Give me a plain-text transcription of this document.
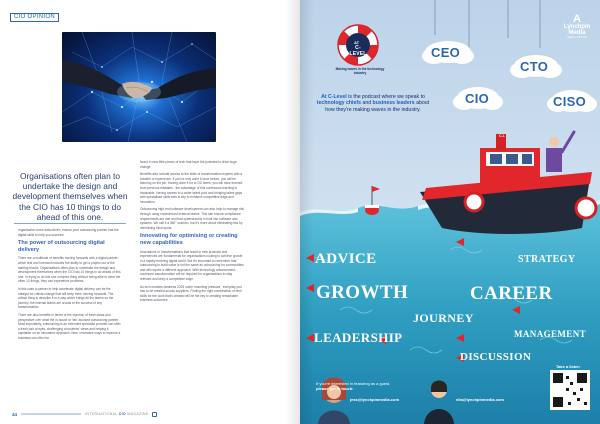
CIO OPINION
Organisations often plan to undertake the design and development themselves when the CIO has 10 things to do ahead of this one.

organisation more data-driven, ensure your outsourcing partner has the digital skills to help you succeed.

The power of outsourcing digital delivery

There are a multitude of benefits moving forwards with a digital partner; which first and foremost includes the ability to get a project out of the starting blocks. Organisations often plan to undertake the design and development themselves when the CIO has 10 things to do ahead of this one. In trying to do this one complex thing without being able to clear the other 10 things, they can experience problems.

In this case a partner to help accelerate digital delivery can be the catalyst for critical change that will keep them moving forwards. The critical thing is describe it in a way which brings all the teams on the journey; the internal teams are crucial to the success of any transformation.

There are also benefits in terms of the injection of fresh ideas and perspective over what the in-house or 'fan'-focused outsourcing partner. Most importantly, outsourcing is an extended specialist provider can offer a fresh pair of eyes, challenging a business' views and helping it capitalise on an innovative approach. New, innovative ways to improve a business can often be

found in new little pieces of tech that have the potential to drive huge change.

Benefits also include access to the skills of transformation experts with a breadth of experience. If you've only done it once before, you will be learning on the job. Having done it for a CIO times, you will have learned from previous mistakes - the advantage of this continuous learning is invaluable. Having access to a wider talent pool and bringing talent gaps with specialised skills sets is key to enhance competitive edge and innovation.

Outsourcing high-end software development can also help to manage risk through using experienced external teams. This can ensure compliance requirements are met and that cybersecurity is built into software and systems. We call it a 360° solution, but it's more about eliminating risk by minimising blind spots.

Innovating for optimising or creating new capabilities

Innovations or transformations that result in new products and experiences are fundamental for organisations looking to achieve growth in a rapidly evolving digital world. But it's important to remember that outsourcing to build value is not the same as outsourcing for commodities and will require a different approach. With technology advancement, continued transformation will be required for organisations to stay relevant and keep a competitive edge.

As tech enables business 2025 under mounting pressure, 'everyday just has to be created across suppliers. Finding the right combination of tech skills for the work that's created will be the key to creating remarkable business outcomes.

44	INTERNATIONAL CIO MAGAZINE
A
Lynchpin Media
MEDIA GROUP
AT
C-LEVEL
Making waves in the technology industry
CEO
CTO
CIO	CISO
At C-Level is the podcast where we speak to technology chiefs and business leaders about how they're making waves in the industry.
C-L
ADVICE	STRATEGY
GROWTH	CAREER
JOURNEY
LEADERSHIP	MANAGEMENT
DISCUSSION
If you're interested in featuring as a guest, please get in touch:
jess@lynchpinmedia.com	ella@lynchpinmedia.com
Take a listen
